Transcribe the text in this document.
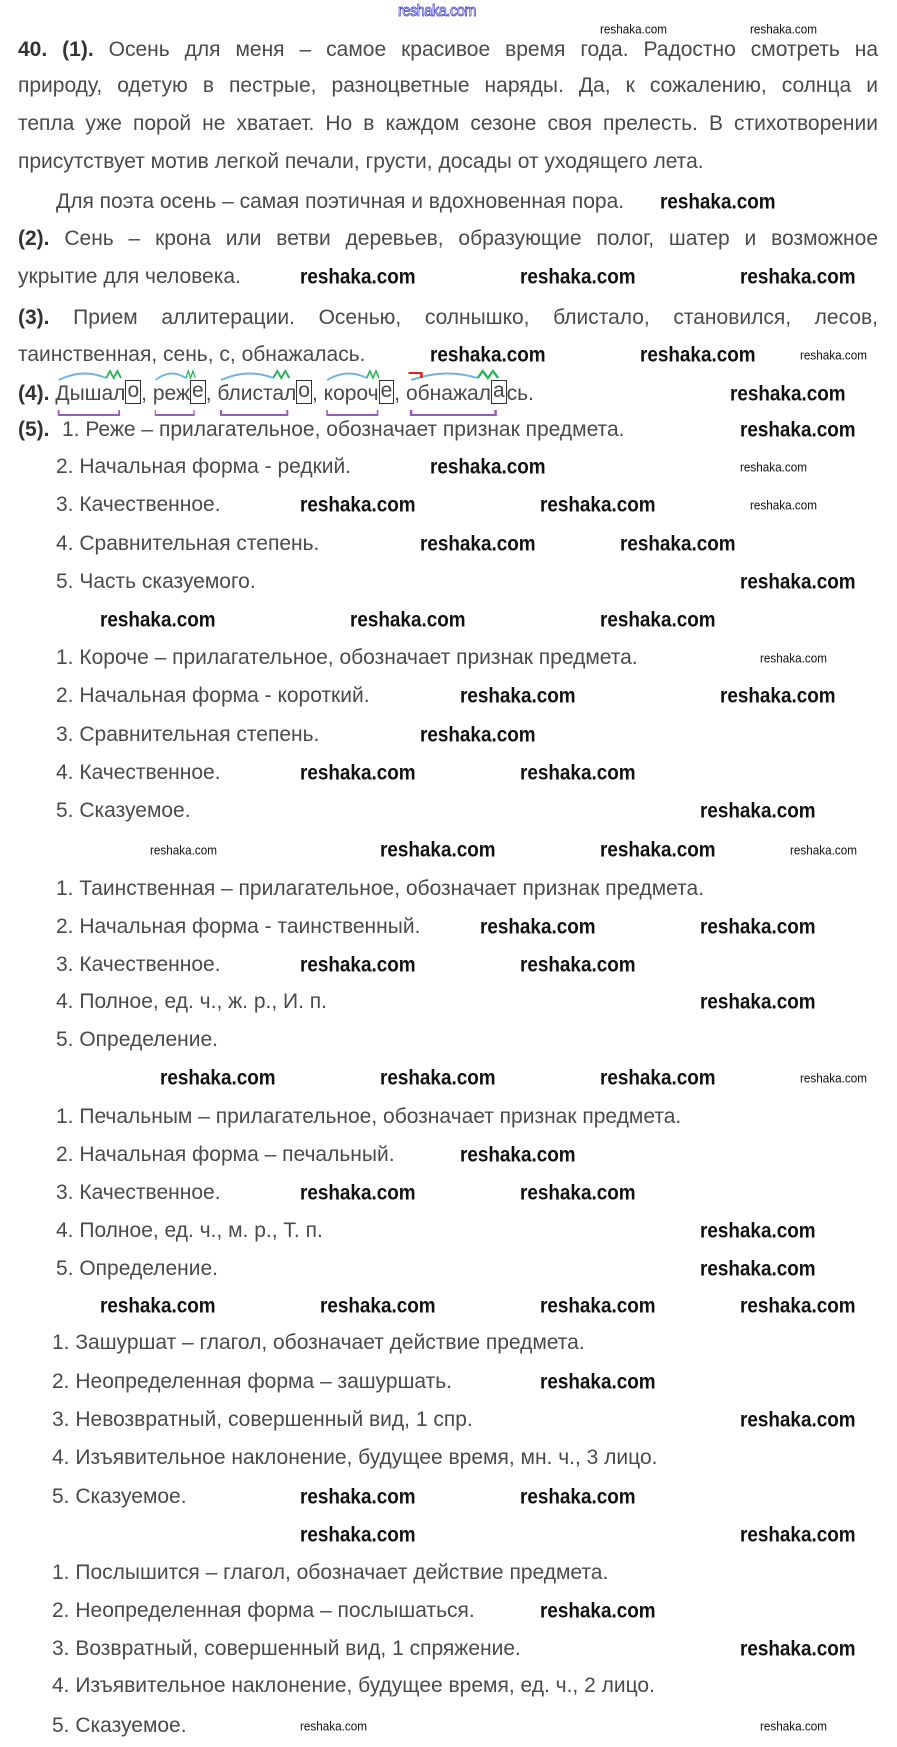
reshaka.com
40. (1). Осень для меня – самое красивое время года. Радостно смотреть на
природу, одетую в пестрые, разноцветные наряды. Да, к сожалению, солнца и
тепла уже порой не хватает. Но в каждом сезоне своя прелесть. В стихотворении
присутствует мотив легкой печали, грусти, досады от уходящего лета.
Для поэта осень – самая поэтичная и вдохновенная пора.
(2). Сень – крона или ветви деревьев, образующие полог, шатер и возможное
укрытие для человека.
(3). Прием аллитерации. Осенью, солнышко, блистало, становился, лесов,
таинственная, сень, с, обнажалась.
(4). Дышало, реже, блистало, короче, обнажалась.
1. Реже – прилагательное, обозначает признак предмета.
2. Начальная форма - редкий.
3. Качественное.
4. Сравнительная степень.
5. Часть сказуемого.
1. Короче – прилагательное, обозначает признак предмета.
2. Начальная форма - короткий.
3. Сравнительная степень.
4. Качественное.
5. Сказуемое.
1. Таинственная – прилагательное, обозначает признак предмета.
2. Начальная форма - таинственный.
3. Качественное.
4. Полное, ед. ч., ж. р., И. п.
5. Определение.
1. Печальным – прилагательное, обозначает признак предмета.
2. Начальная форма – печальный.
3. Качественное.
4. Полное, ед. ч., м. р., Т. п.
5. Определение.
1. Зашуршат – глагол, обозначает действие предмета.
2. Неопределенная форма – зашуршать.
3. Невозвратный, совершенный вид, 1 спр.
4. Изъявительное наклонение, будущее время, мн. ч., 3 лицо.
5. Сказуемое.
1. Послышится – глагол, обозначает действие предмета.
2. Неопределенная форма – послышаться.
3. Возвратный, совершенный вид, 1 спряжение.
4. Изъявительное наклонение, будущее время, ед. ч., 2 лицо.
5. Сказуемое.
(5).
reshaka.com	reshaka.com
reshaka.com
reshaka.com	reshaka.com	reshaka.com
reshaka.com	reshaka.com	reshaka.com
reshaka.com
reshaka.com
reshaka.com	reshaka.com
reshaka.com	reshaka.com	reshaka.com
reshaka.com	reshaka.com
reshaka.com
reshaka.com	reshaka.com	reshaka.com
reshaka.com
reshaka.com	reshaka.com
reshaka.com
reshaka.com	reshaka.com
reshaka.com
reshaka.com	reshaka.com	reshaka.com	reshaka.com
reshaka.com	reshaka.com
reshaka.com	reshaka.com
reshaka.com
reshaka.com	reshaka.com	reshaka.com	reshaka.com
reshaka.com
reshaka.com	reshaka.com
reshaka.com
reshaka.com
reshaka.com	reshaka.com	reshaka.com	reshaka.com
reshaka.com
reshaka.com
reshaka.com	reshaka.com
reshaka.com	reshaka.com
reshaka.com
reshaka.com
reshaka.com	reshaka.com
